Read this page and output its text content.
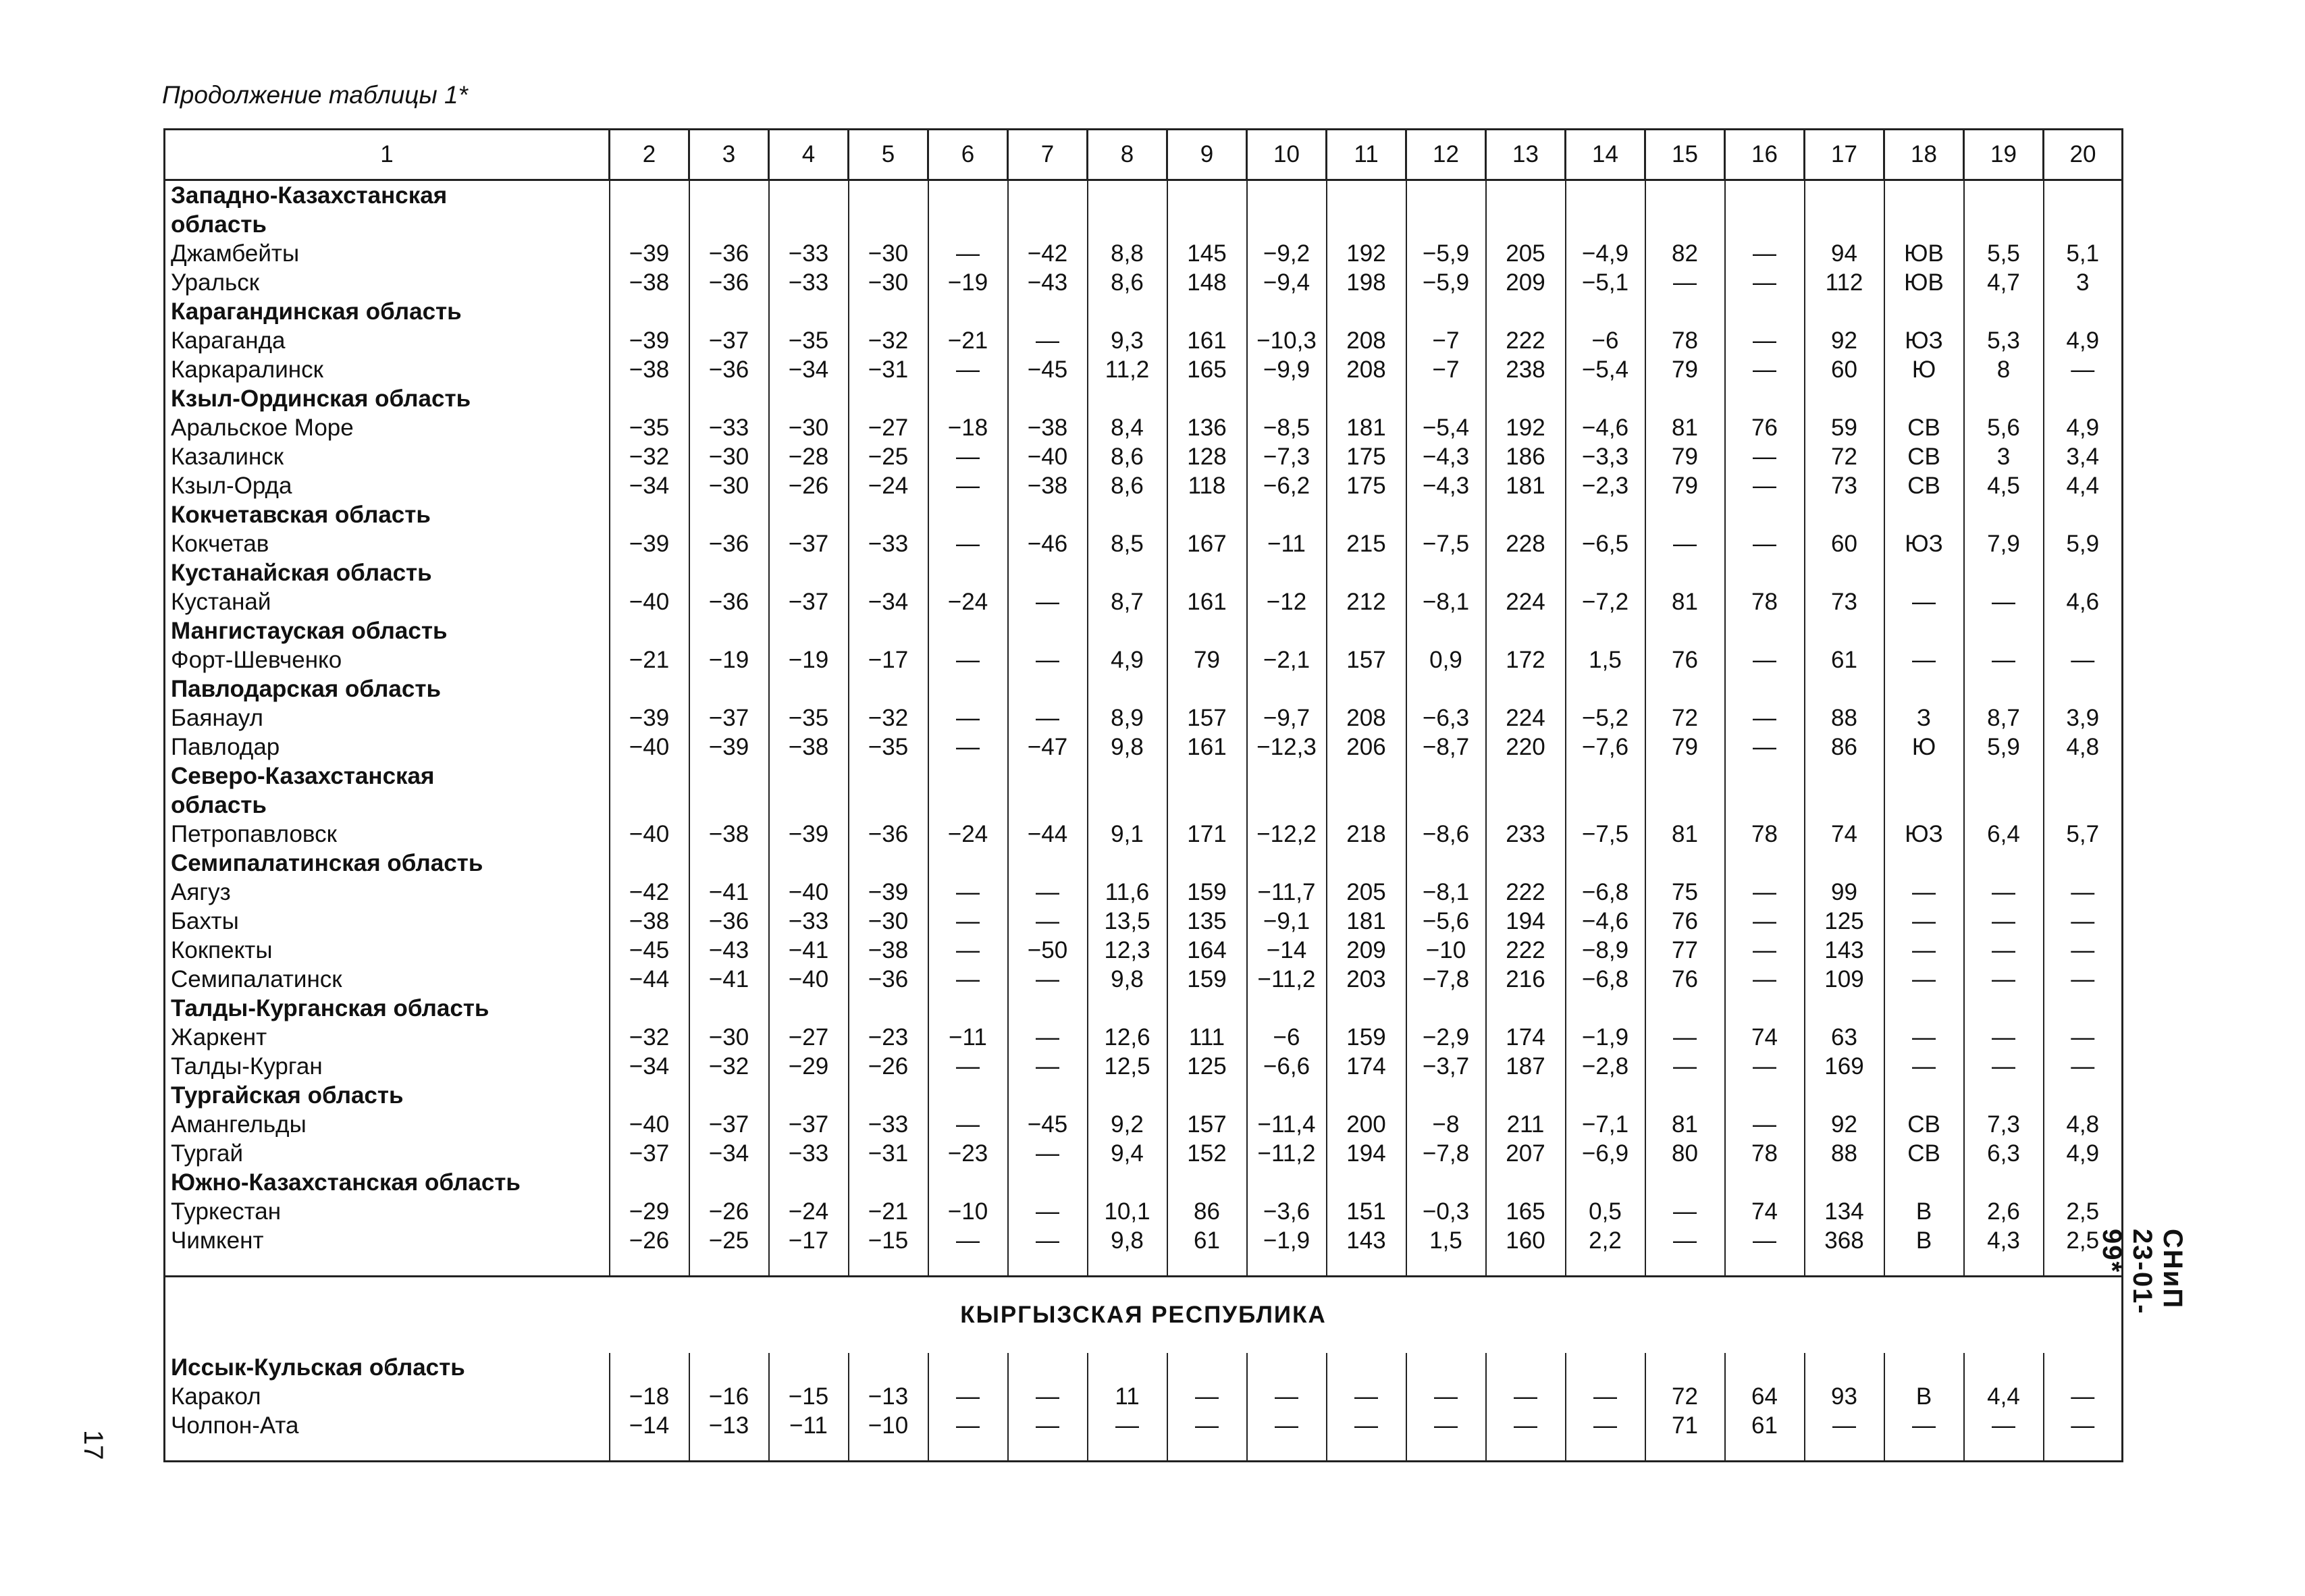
Продолжение таблицы 1*
1	2	3	4	5	6	7	8	9	10	11	12	13	14	15	16	17	18	19	20
Западно-Казахстанская																			
область																			
Джамбейты	−39	−36	−33	−30	—	−42	8,8	145	−9,2	192	−5,9	205	−4,9	82	—	94	ЮВ	5,5	5,1
Уральск	−38	−36	−33	−30	−19	−43	8,6	148	−9,4	198	−5,9	209	−5,1	—	—	112	ЮВ	4,7	3
Карагандинская область																			
Караганда	−39	−37	−35	−32	−21	—	9,3	161	−10,3	208	−7	222	−6	78	—	92	ЮЗ	5,3	4,9
Каркаралинск	−38	−36	−34	−31	—	−45	11,2	165	−9,9	208	−7	238	−5,4	79	—	60	Ю	8	—
Кзыл-Ординская область																			
Аральское Море	−35	−33	−30	−27	−18	−38	8,4	136	−8,5	181	−5,4	192	−4,6	81	76	59	СВ	5,6	4,9
Казалинск	−32	−30	−28	−25	—	−40	8,6	128	−7,3	175	−4,3	186	−3,3	79	—	72	СВ	3	3,4
Кзыл-Орда	−34	−30	−26	−24	—	−38	8,6	118	−6,2	175	−4,3	181	−2,3	79	—	73	СВ	4,5	4,4
Кокчетавская область																			
Кокчетав	−39	−36	−37	−33	—	−46	8,5	167	−11	215	−7,5	228	−6,5	—	—	60	ЮЗ	7,9	5,9
Кустанайская область																			
Кустанай	−40	−36	−37	−34	−24	—	8,7	161	−12	212	−8,1	224	−7,2	81	78	73	—	—	4,6
Мангистауская область																			
Форт-Шевченко	−21	−19	−19	−17	—	—	4,9	79	−2,1	157	0,9	172	1,5	76	—	61	—	—	—
Павлодарская область																			
Баянаул	−39	−37	−35	−32	—	—	8,9	157	−9,7	208	−6,3	224	−5,2	72	—	88	З	8,7	3,9
Павлодар	−40	−39	−38	−35	—	−47	9,8	161	−12,3	206	−8,7	220	−7,6	79	—	86	Ю	5,9	4,8
Северо-Казахстанская																			
область																			
Петропавловск	−40	−38	−39	−36	−24	−44	9,1	171	−12,2	218	−8,6	233	−7,5	81	78	74	ЮЗ	6,4	5,7
Семипалатинская область																			
Аягуз	−42	−41	−40	−39	—	—	11,6	159	−11,7	205	−8,1	222	−6,8	75	—	99	—	—	—
Бахты	−38	−36	−33	−30	—	—	13,5	135	−9,1	181	−5,6	194	−4,6	76	—	125	—	—	—
Кокпекты	−45	−43	−41	−38	—	−50	12,3	164	−14	209	−10	222	−8,9	77	—	143	—	—	—
Семипалатинск	−44	−41	−40	−36	—	—	9,8	159	−11,2	203	−7,8	216	−6,8	76	—	109	—	—	—
Талды-Курганская область																			
Жаркент	−32	−30	−27	−23	−11	—	12,6	111	−6	159	−2,9	174	−1,9	—	74	63	—	—	—
Талды-Курган	−34	−32	−29	−26	—	—	12,5	125	−6,6	174	−3,7	187	−2,8	—	—	169	—	—	—
Тургайская область																			
Амангельды	−40	−37	−37	−33	—	−45	9,2	157	−11,4	200	−8	211	−7,1	81	—	92	СВ	7,3	4,8
Тургай	−37	−34	−33	−31	−23	—	9,4	152	−11,2	194	−7,8	207	−6,9	80	78	88	СВ	6,3	4,9
Южно-Казахстанская область																			
Туркестан	−29	−26	−24	−21	−10	—	10,1	86	−3,6	151	−0,3	165	0,5	—	74	134	В	2,6	2,5
Чимкент	−26	−25	−17	−15	—	—	9,8	61	−1,9	143	1,5	160	2,2	—	—	368	В	4,3	2,5

КЫРГЫЗСКАЯ РЕСПУБЛИКА																			
Иссык-Кульская область																			
Каракол	−18	−16	−15	−13	—	—	11	—	—	—	—	—	—	72	64	93	В	4,4	—
Чолпон-Ата	−14	−13	−11	−10	—	—	—	—	—	—	—	—	—	71	61	—	—	—	—

17
СНиП 23-01-99*
